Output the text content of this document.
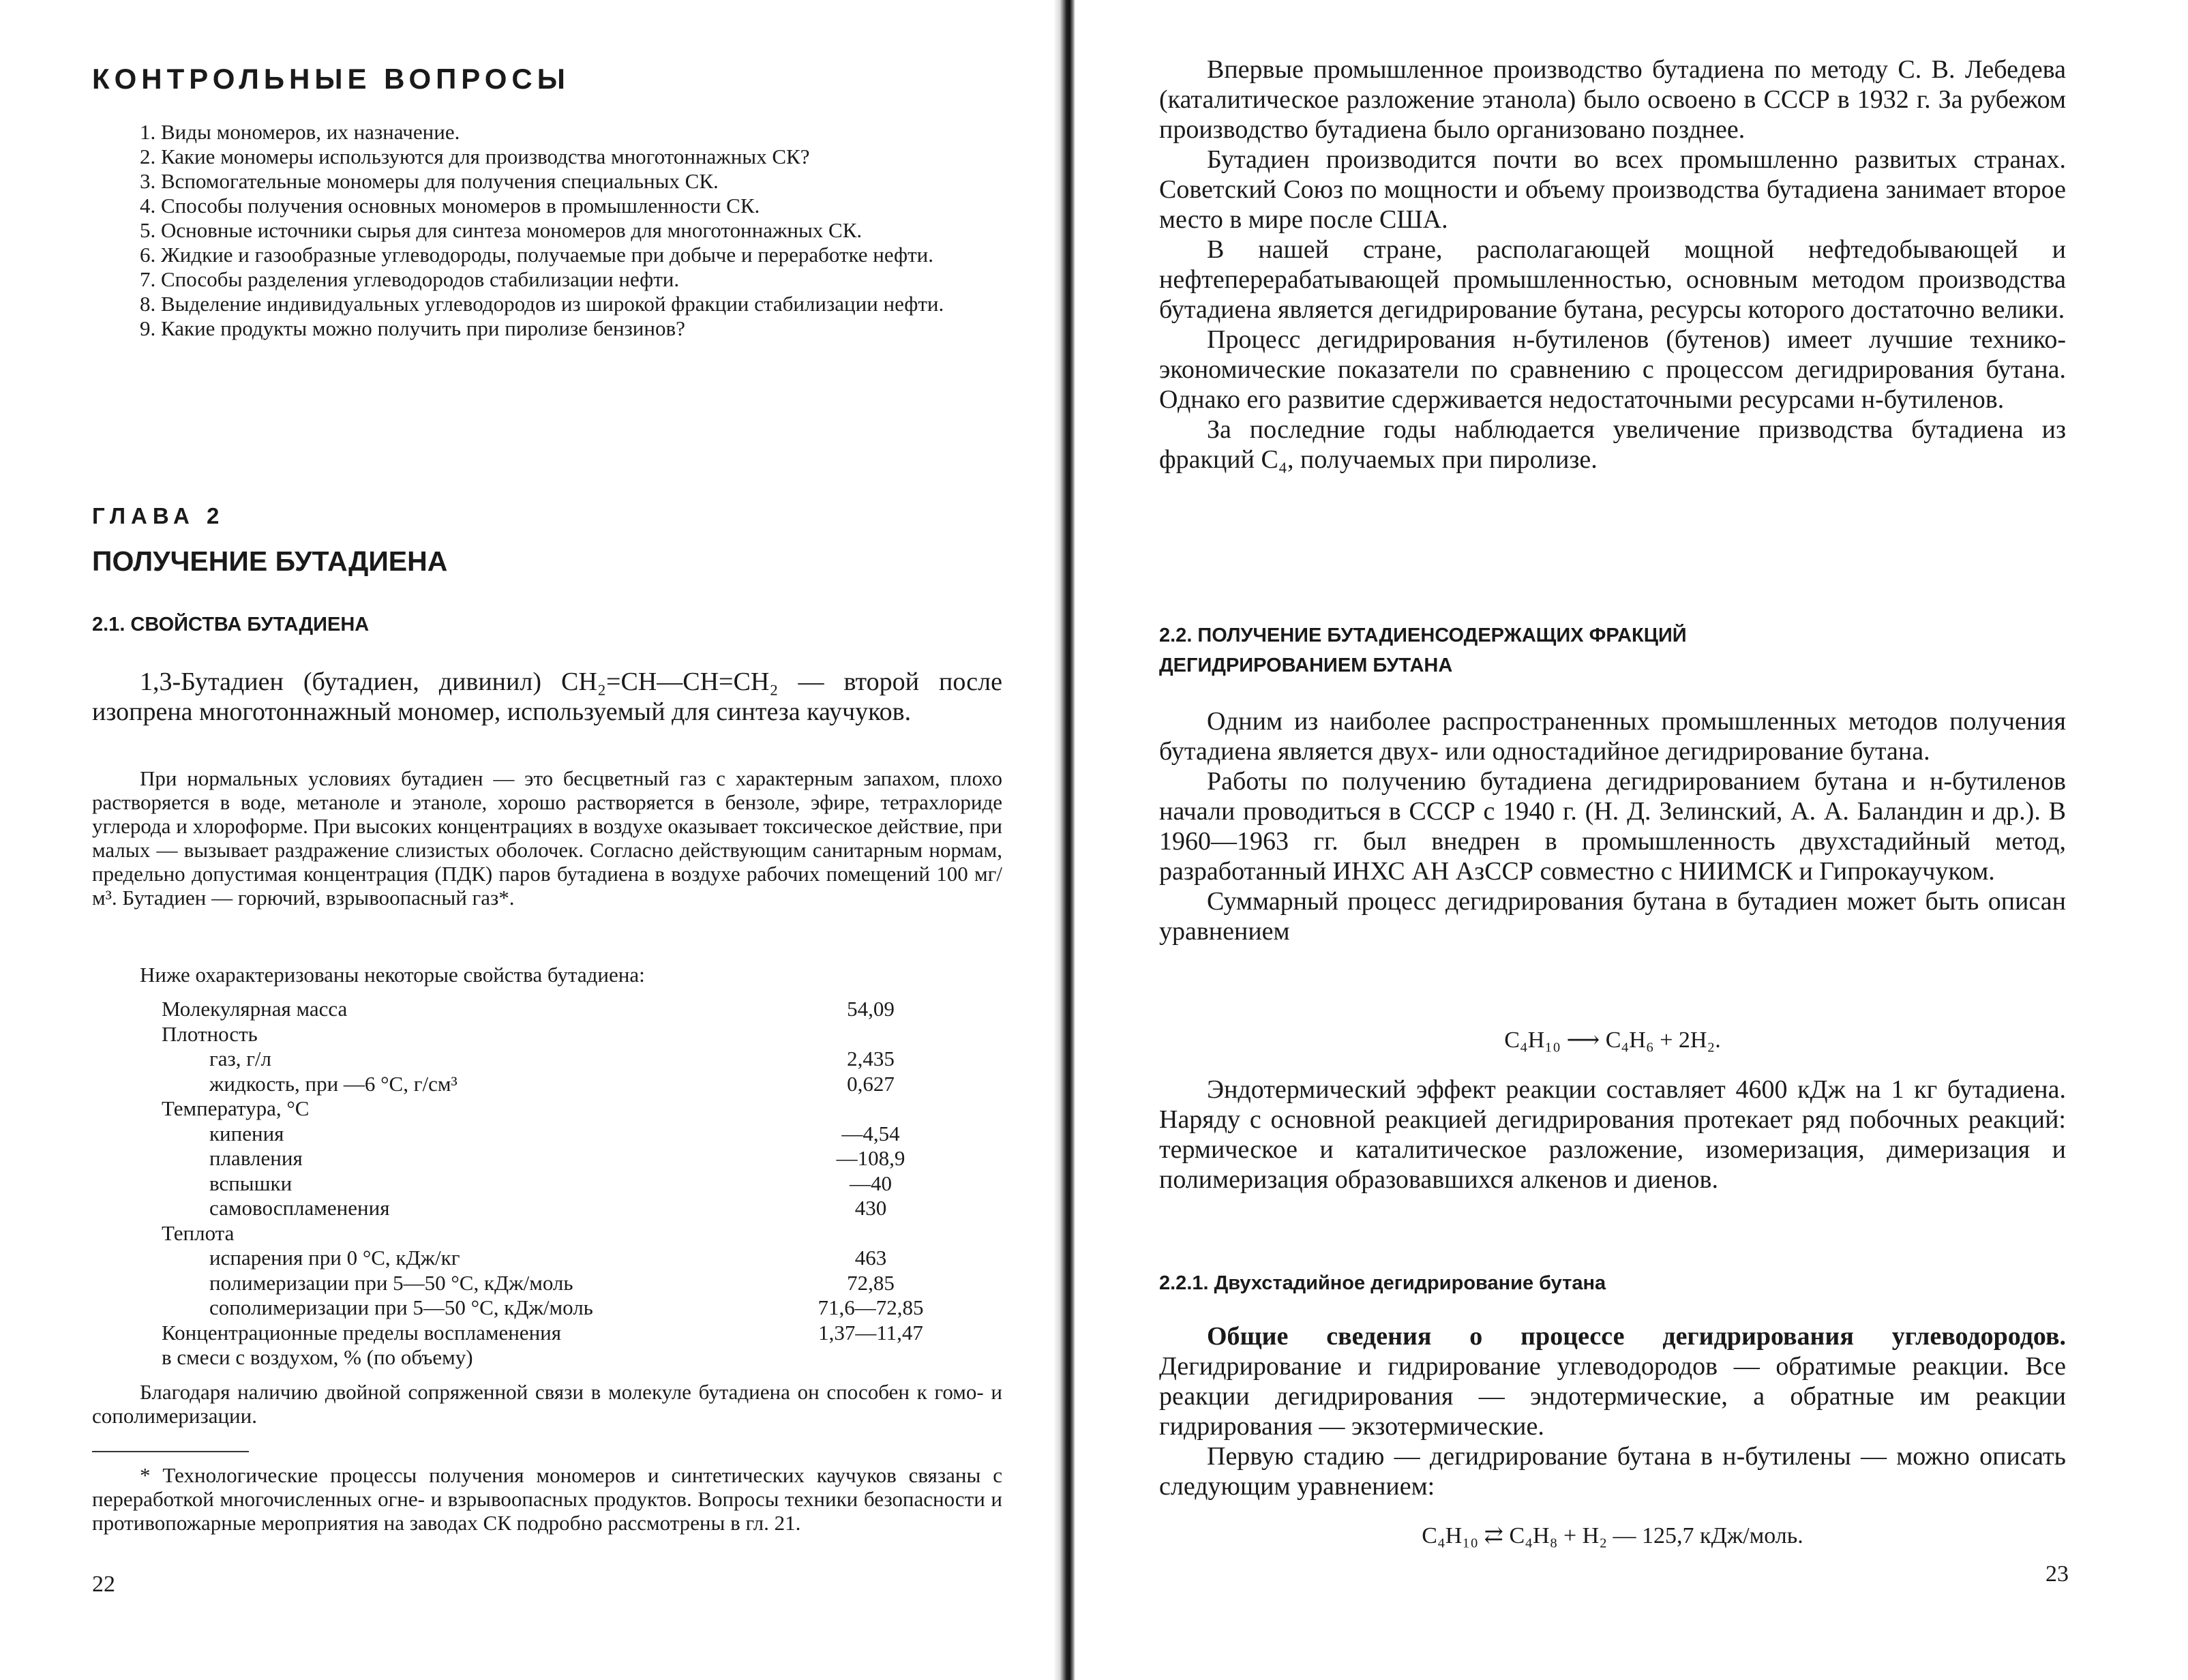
КОНТРОЛЬНЫЕ ВОПРОСЫ
1. Виды мономеров, их назначение.
2. Какие мономеры используются для производства многотоннажных СК?
3. Вспомогательные мономеры для получения специальных СК.
4. Способы получения основных мономеров в промышленности СК.
5. Основные источники сырья для синтеза мономеров для многотоннажных СК.
6. Жидкие и газообразные углеводороды, получаемые при добыче и переработке нефти.
7. Способы разделения углеводородов стабилизации нефти.
8. Выделение индивидуальных углеводородов из широкой фракции стабилизации нефти.
9. Какие продукты можно получить при пиролизе бензинов?
ГЛАВА 2
ПОЛУЧЕНИЕ БУТАДИЕНА
2.1. СВОЙСТВА БУТАДИЕНА

1,3-Бутадиен (бутадиен, дивинил) CH₂=CH—CH=CH₂ — второй после изопрена многотоннажный мономер, используемый для синтеза каучуков.

При нормальных условиях бутадиен — это бесцветный газ с характерным запахом, плохо растворяется в воде, метаноле и этаноле, хорошо растворяется в бензоле, эфире, тетрахлориде углерода и хлороформе. При высоких концентрациях в воздухе оказывает токсическое действие, при малых — вызывает раздражение слизистых оболочек. Согласно действующим санитарным нормам, предельно допустимая концентрация (ПДК) паров бутадиена в воздухе рабочих помещений 100 мг/м³. Бутадиен — горючий, взрывоопасный газ*.

Ниже охарактеризованы некоторые свойства бутадиена:

Молекулярная масса	54,09
Плотность
газ, г/л	2,435
жидкость, при —6 °С, г/см³	0,627
Температура, °С
кипения	—4,54
плавления	—108,9
вспышки	—40
самовоспламенения	430
Теплота
испарения при 0 °С, кДж/кг	463
полимеризации при 5—50 °С, кДж/моль	72,85
сополимеризации при 5—50 °С, кДж/моль	71,6—72,85
Концентрационные пределы воспламенения	1,37—11,47
в смеси с воздухом, % (по объему)

Благодаря наличию двойной сопряженной связи в молекуле бутадиена он способен к гомо- и сополимеризации.

* Технологические процессы получения мономеров и синтетических каучуков связаны с переработкой многочисленных огне- и взрывоопасных продуктов. Вопросы техники безопасности и противопожарные мероприятия на заводах СК подробно рассмотрены в гл. 21.

22

Впервые промышленное производство бутадиена по методу С. В. Лебедева (каталитическое разложение этанола) было освоено в СССР в 1932 г. За рубежом производство бутадиена было организовано позднее.

Бутадиен производится почти во всех промышленно развитых странах. Советский Союз по мощности и объему производства бутадиена занимает второе место в мире после США.

В нашей стране, располагающей мощной нефтедобывающей и нефтеперерабатывающей промышленностью, основным методом производства бутадиена является дегидрирование бутана, ресурсы которого достаточно велики.

Процесс дегидрирования н-бутиленов (бутенов) имеет лучшие технико-экономические показатели по сравнению с процессом дегидрирования бутана. Однако его развитие сдерживается недостаточными ресурсами н-бутиленов.

За последние годы наблюдается увеличение призводства бутадиена из фракций C₄, получаемых при пиролизе.

2.2. ПОЛУЧЕНИЕ БУТАДИЕНСОДЕРЖАЩИХ ФРАКЦИЙ ДЕГИДРИРОВАНИЕМ БУТАНА

Одним из наиболее распространенных промышленных методов получения бутадиена является двух- или одностадийное дегидрирование бутана.

Работы по получению бутадиена дегидрированием бутана и н-бутиленов начали проводиться в СССР с 1940 г. (Н. Д. Зелинский, А. А. Баландин и др.). В 1960—1963 гг. был внедрен в промышленность двухстадийный метод, разработанный ИНХС АН АзССР совместно с НИИМСК и Гипрокаучуком.

Суммарный процесс дегидрирования бутана в бутадиен может быть описан уравнением

C₄H₁₀ ⟶ C₄H₆ + 2H₂.

Эндотермический эффект реакции составляет 4600 кДж на 1 кг бутадиена. Наряду с основной реакцией дегидрирования протекает ряд побочных реакций: термическое и каталитическое разложение, изомеризация, димеризация и полимеризация образовавшихся алкенов и диенов.

2.2.1. Двухстадийное дегидрирование бутана

Общие сведения о процессе дегидрирования углеводородов. Дегидрирование и гидрирование углеводородов — обратимые реакции. Все реакции дегидрирования — эндотермические, а обратные им реакции гидрирования — экзотермические.

Первую стадию — дегидрирование бутана в н-бутилены — можно описать следующим уравнением:

C₄H₁₀ ⇄ C₄H₈ + H₂ — 125,7 кДж/моль.
23
